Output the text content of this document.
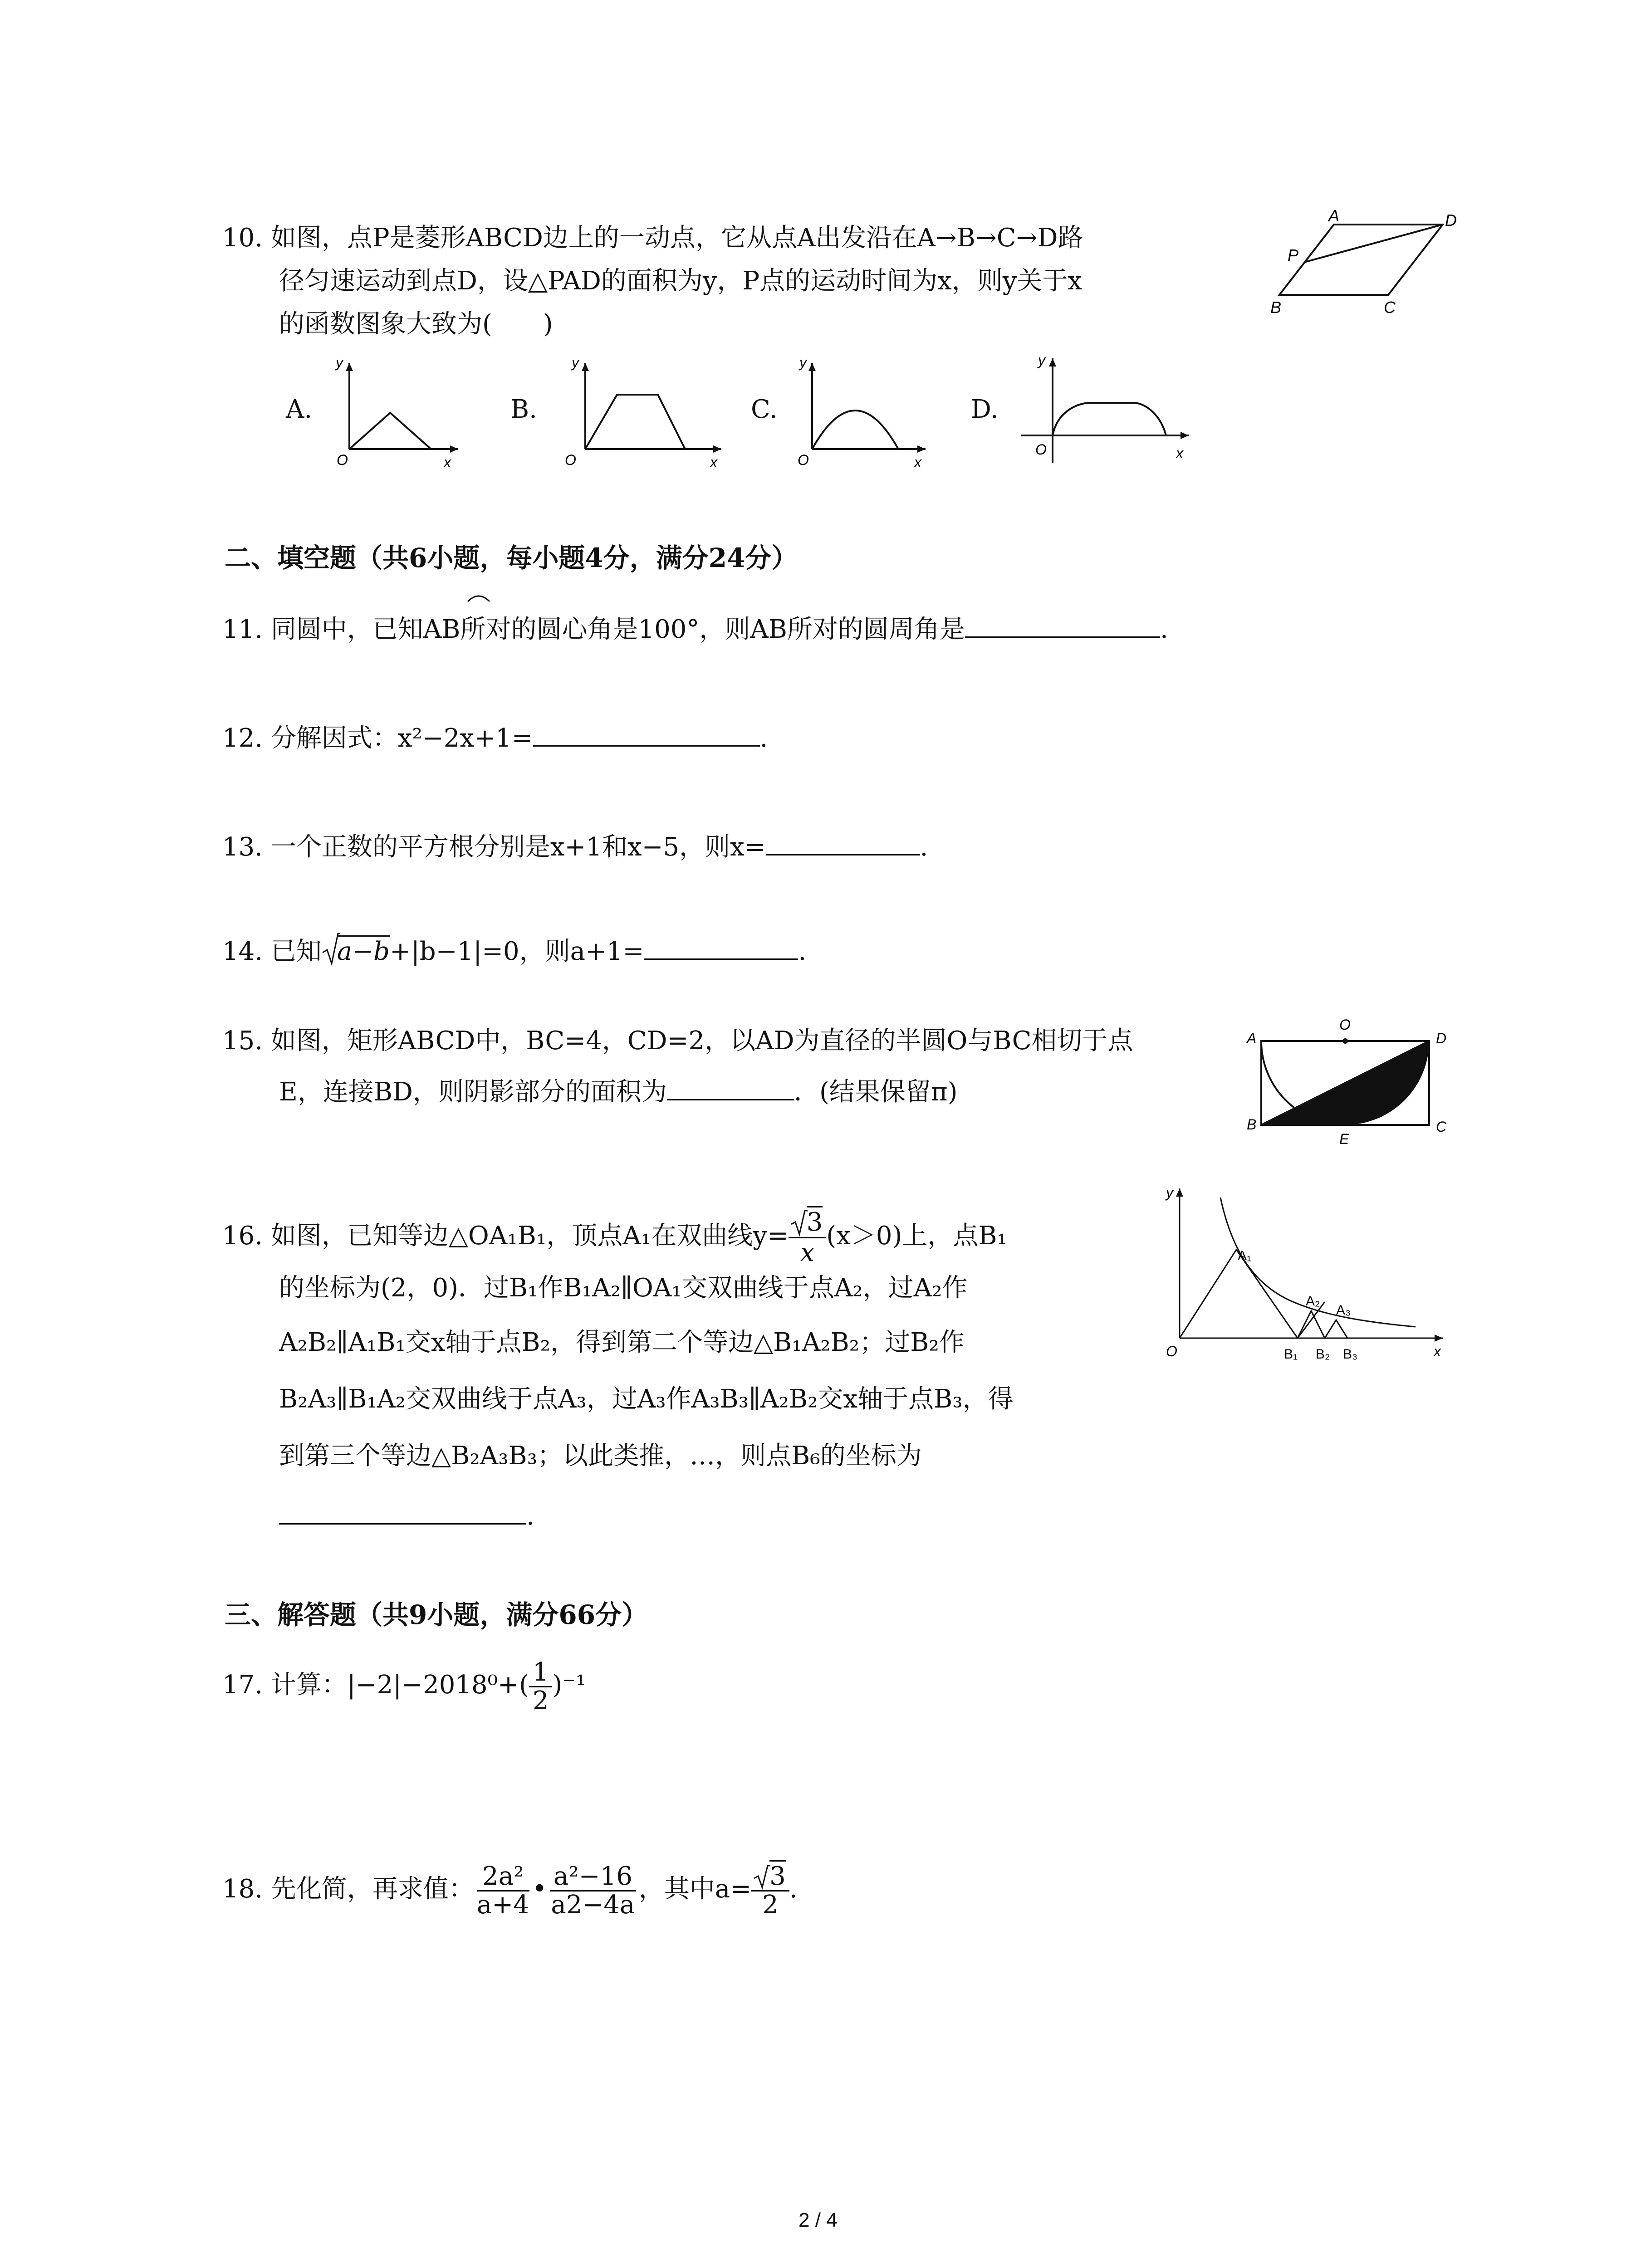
10. 如图，点P是菱形ABCD边上的一动点，它从点A出发沿在A→B→C→D路
径匀速运动到点D，设△PAD的面积为y，P点的运动时间为x，则y关于x
的函数图象大致为(　　)
A	D
P
B	C
A.
y
x
O
B.
y
x
O
C.
y
x
O
D.
y
x
O
二、填空题（共6小题，每小题4分，满分24分）
11. 同圆中，已知AB所对的圆心角是100°，则AB所对的圆周角是	.
12. 分解因式：x²−2x+1=	.
13. 一个正数的平方根分别是x+1和x−5，则x=	.
14. 已知 a−b+|b−1|=0，则a+1=	.
15. 如图，矩形ABCD中，BC=4，CD=2，以AD为直径的半圆O与BC相切于点
E，连接BD，则阴影部分的面积为	．(结果保留π)
A
O
D
B
E
C
16. 如图，已知等边△OA₁B₁，顶点A₁在双曲线$y= \frac{3}{x} (x>0)$上，点B₁
的坐标为(2，0)．过B₁作B₁A₂∥OA₁交双曲线于点A₂，过A₂作
A₂B₂∥A₁B₁交x轴于点B₂，得到第二个等边△B₁A₂B₂；过B₂作
B₂A₃∥B₁A₂交双曲线于点A₃，过A₃作A₃B₃∥A₂B₂交x轴于点B₃，得
到第三个等边△B₂A₃B₃；以此类推，…，则点B₆的坐标为
.
y
x
O
A₁
A₂
A₃
B₁ B₂ B₃
三、解答题（共9小题，满分66分）
17. 计算：$|-2|-2018^0+( \frac{1}{2} )^{-1}$
18. 先化简，再求值： $\frac{\text{2a²}}{a+4}$ • $\frac{\text{a²−16}}{a2-4a}$ ，其中$a= \frac{3}{2}$ .
2 / 4
